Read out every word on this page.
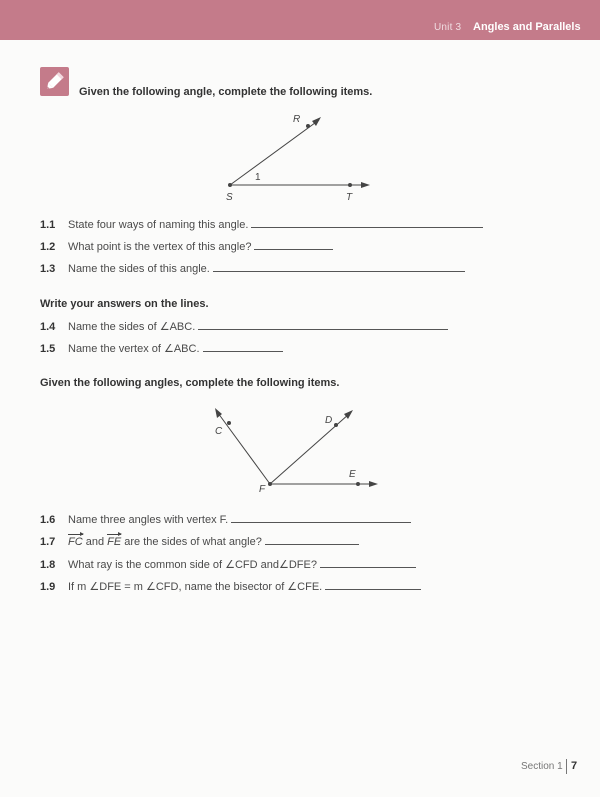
Unit 3 Angles and Parallels
Given the following angle, complete the following items.
R
S	T
1
1.1 State four ways of naming this angle.
1.2 What point is the vertex of this angle?
1.3 Name the sides of this angle.
Write your answers on the lines.
1.4 Name the sides of ∠ABC.
1.5 Name the vertex of ∠ABC.
Given the following angles, complete the following items.
C
D
E
F
1.6 Name three angles with vertex F.
1.7 FC and FE are the sides of what angle?
1.8 What ray is the common side of ∠CFD and∠DFE?
1.9 If m ∠DFE = m ∠CFD, name the bisector of ∠CFE.
Section 1 7
